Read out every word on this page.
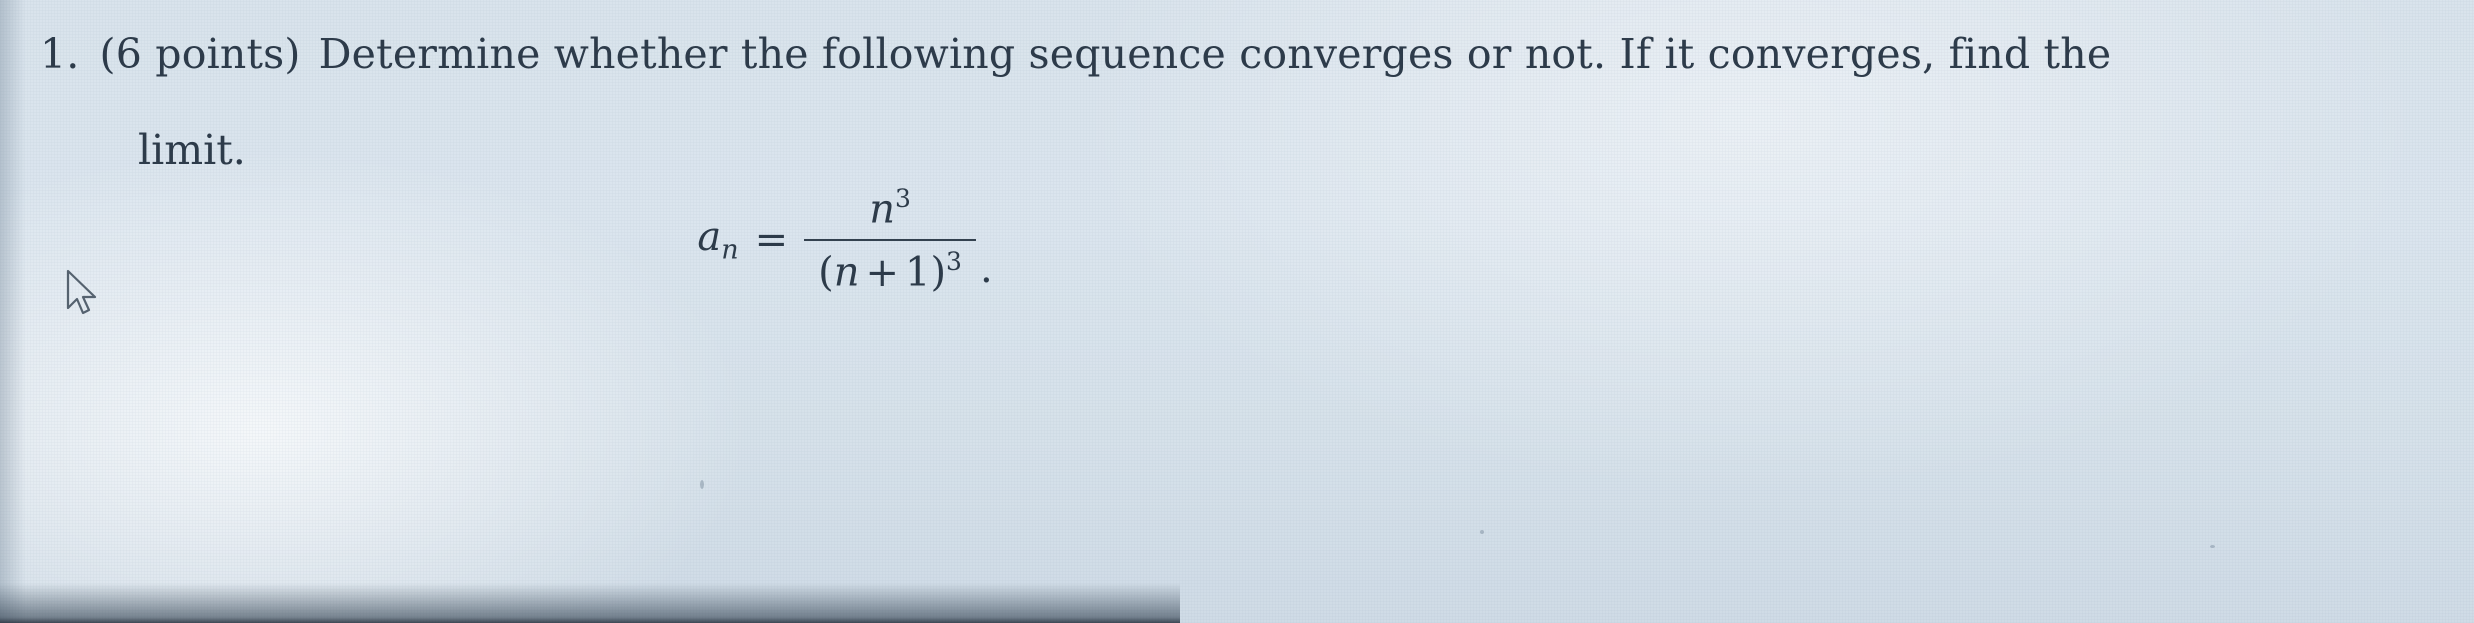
1. (6 points) Determine whether the following sequence converges or not. If it converges, find the
limit.
$a_n = \frac{n^3}{(n + 1)^3}$ .
